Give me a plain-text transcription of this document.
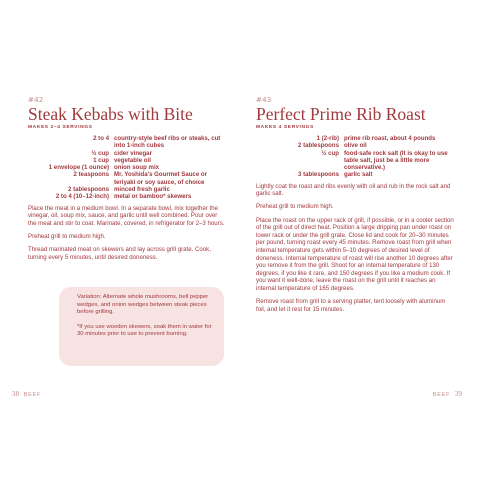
#42
Steak Kebabs with Bite
MAKES 2–4 SERVINGS
2 to 4 country-style beef ribs or steaks, cut into 1-inch cubes
½ cup cider vinegar
1 cup vegetable oil
1 envelope (1 ounce) onion soup mix
2 teaspoons Mr. Yoshida's Gourmet Sauce or teriyaki or soy sauce, of choice
2 tablespoons minced fresh garlic
2 to 4 (10–12-inch) metal or bamboo* skewers

Place the meat in a medium bowl. In a separate bowl, mix together the vinegar, oil, soup mix, sauce, and garlic until well combined. Pour over the meat and stir to coat. Marinate, covered, in refrigerator for 2–3 hours.

Preheat grill to medium high.

Thread marinated meat on skewers and lay across grill grate. Cook, turning every 5 minutes, until desired doneness.

Variation: Alternate whole mushrooms, bell pepper wedges, and onion wedges between steak pieces before grilling.

*If you use wooden skewers, soak them in water for 30 minutes prior to use to prevent burning.

#43
Perfect Prime Rib Roast
MAKES 4 SERVINGS
1 (2-rib) prime rib roast, about 4 pounds
2 tablespoons olive oil
½ cup food-safe rock salt (It is okay to use table salt, just be a little more conservative.)
3 tablespoons garlic salt

Lightly coat the roast and ribs evenly with oil and rub in the rock salt and garlic salt.

Preheat grill to medium high.

Place the roast on the upper rack of grill, if possible, or in a cooler section of the grill out of direct heat. Position a large dripping pan under roast on lower rack or under the grill grate. Close lid and cook for 20–30 minutes per pound, turning roast every 45 minutes. Remove roast from grill when internal temperature gets within 5–10 degrees of desired level of doneness. Internal temperature of roast will rise another 10 degrees after you remove it from the grill. Shoot for an internal temperature of 130 degrees, if you like it rare, and 150 degrees if you like a medium cook. If you want it well-done, leave the roast on the grill until it reaches an internal temperature of 165 degrees.

Remove roast from grill to a serving platter, tent loosely with aluminum foil, and let it rest for 15 minutes.

38 BEEF	BEEF 39
